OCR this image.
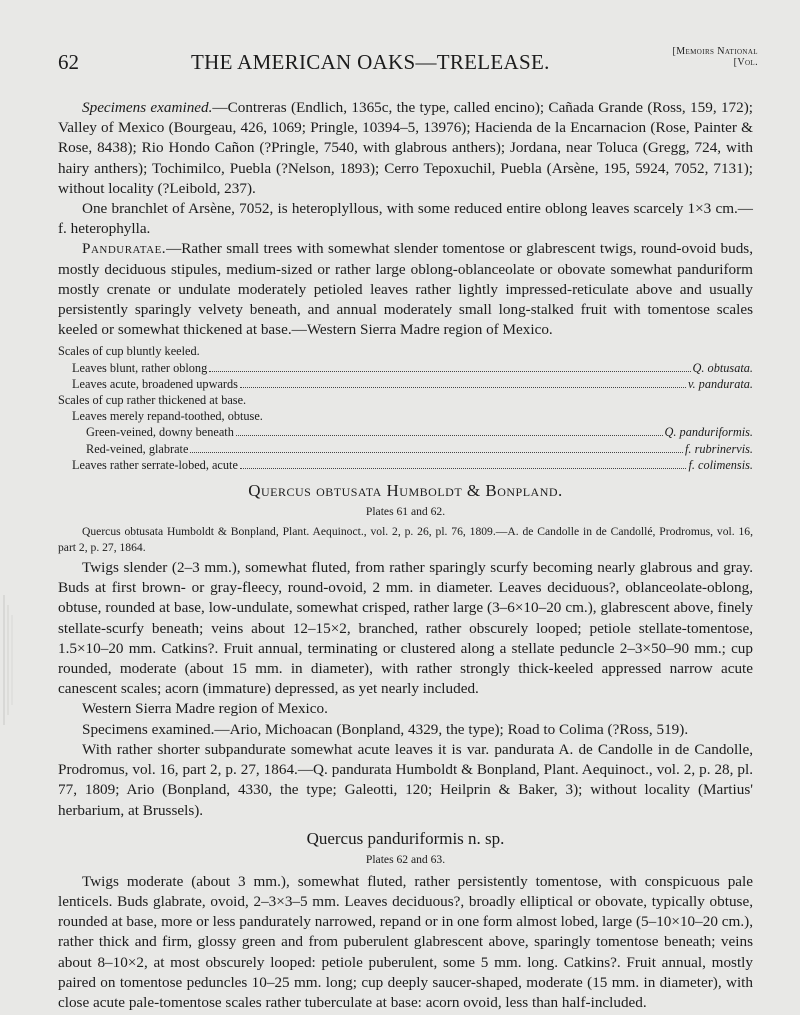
62	THE AMERICAN OAKS—TRELEASE.	[Memoirs National
[Vol.

Specimens examined.—Contreras (Endlich, 1365c, the type, called encino); Cañada Grande (Ross, 159, 172); Valley of Mexico (Bourgeau, 426, 1069; Pringle, 10394–5, 13976); Hacienda de la Encarnacion (Rose, Painter & Rose, 8438); Rio Hondo Cañon (?Pringle, 7540, with glabrous anthers); Jordana, near Toluca (Gregg, 724, with hairy anthers); Tochimilco, Puebla (?Nelson, 1893); Cerro Tepoxuchil, Puebla (Arsène, 195, 5924, 7052, 7131); without locality (?Leibold, 237).

One branchlet of Arsène, 7052, is heteroplyllous, with some reduced entire oblong leaves scarcely 1×3 cm.—f. heterophylla.

Panduratae.—Rather small trees with somewhat slender tomentose or glabrescent twigs, round-ovoid buds, mostly deciduous stipules, medium-sized or rather large oblong-oblanceolate or obovate somewhat panduriform mostly crenate or undulate moderately petioled leaves rather lightly impressed-reticulate above and usually persistently sparingly velvety beneath, and annual moderately small long-stalked fruit with tomentose scales keeled or somewhat thickened at base.—Western Sierra Madre region of Mexico.

Scales of cup bluntly keeled.
Leaves blunt, rather oblong	Q. obtusata.
Leaves acute, broadened upwards	v. pandurata.
Scales of cup rather thickened at base.
Leaves merely repand-toothed, obtuse.
Green-veined, downy beneath	Q. panduriformis.
Red-veined, glabrate	f. rubrinervis.
Leaves rather serrate-lobed, acute	f. colimensis.
Quercus obtusata Humboldt & Bonpland.
Plates 61 and 62.
Quercus obtusata Humboldt & Bonpland, Plant. Aequinoct., vol. 2, p. 26, pl. 76, 1809.—A. de Candolle in de Candollé, Prodromus, vol. 16, part 2, p. 27, 1864.

Twigs slender (2–3 mm.), somewhat fluted, from rather sparingly scurfy becoming nearly glabrous and gray. Buds at first brown- or gray-fleecy, round-ovoid, 2 mm. in diameter. Leaves deciduous?, oblanceolate-oblong, obtuse, rounded at base, low-undulate, somewhat crisped, rather large (3–6×10–20 cm.), glabrescent above, finely stellate-scurfy beneath; veins about 12–15×2, branched, rather obscurely looped; petiole stellate-tomentose, 1.5×10–20 mm. Catkins?. Fruit annual, terminating or clustered along a stellate peduncle 2–3×50–90 mm.; cup rounded, moderate (about 15 mm. in diameter), with rather strongly thick-keeled appressed narrow acute canescent scales; acorn (immature) depressed, as yet nearly included.

Western Sierra Madre region of Mexico.

Specimens examined.—Ario, Michoacan (Bonpland, 4329, the type); Road to Colima (?Ross, 519).

With rather shorter subpandurate somewhat acute leaves it is var. pandurata A. de Candolle in de Candolle, Prodromus, vol. 16, part 2, p. 27, 1864.—Q. pandurata Humboldt & Bonpland, Plant. Aequinoct., vol. 2, p. 28, pl. 77, 1809; Ario (Bonpland, 4330, the type; Galeotti, 120; Heilprin & Baker, 3); without locality (Martius' herbarium, at Brussels).

Quercus panduriformis n. sp.
Plates 62 and 63.

Twigs moderate (about 3 mm.), somewhat fluted, rather persistently tomentose, with conspicuous pale lenticels. Buds glabrate, ovoid, 2–3×3–5 mm. Leaves deciduous?, broadly elliptical or obovate, typically obtuse, rounded at base, more or less pandurately narrowed, repand or in one form almost lobed, large (5–10×10–20 cm.), rather thick and firm, glossy green and from puberulent glabrescent above, sparingly tomentose beneath; veins about 8–10×2, at most obscurely looped: petiole puberulent, some 5 mm. long. Catkins?. Fruit annual, mostly paired on tomentose peduncles 10–25 mm. long; cup deeply saucer-shaped, moderate (15 mm. in diameter), with close acute pale-tomentose scales rather tuberculate at base: acorn ovoid, less than half-included.
